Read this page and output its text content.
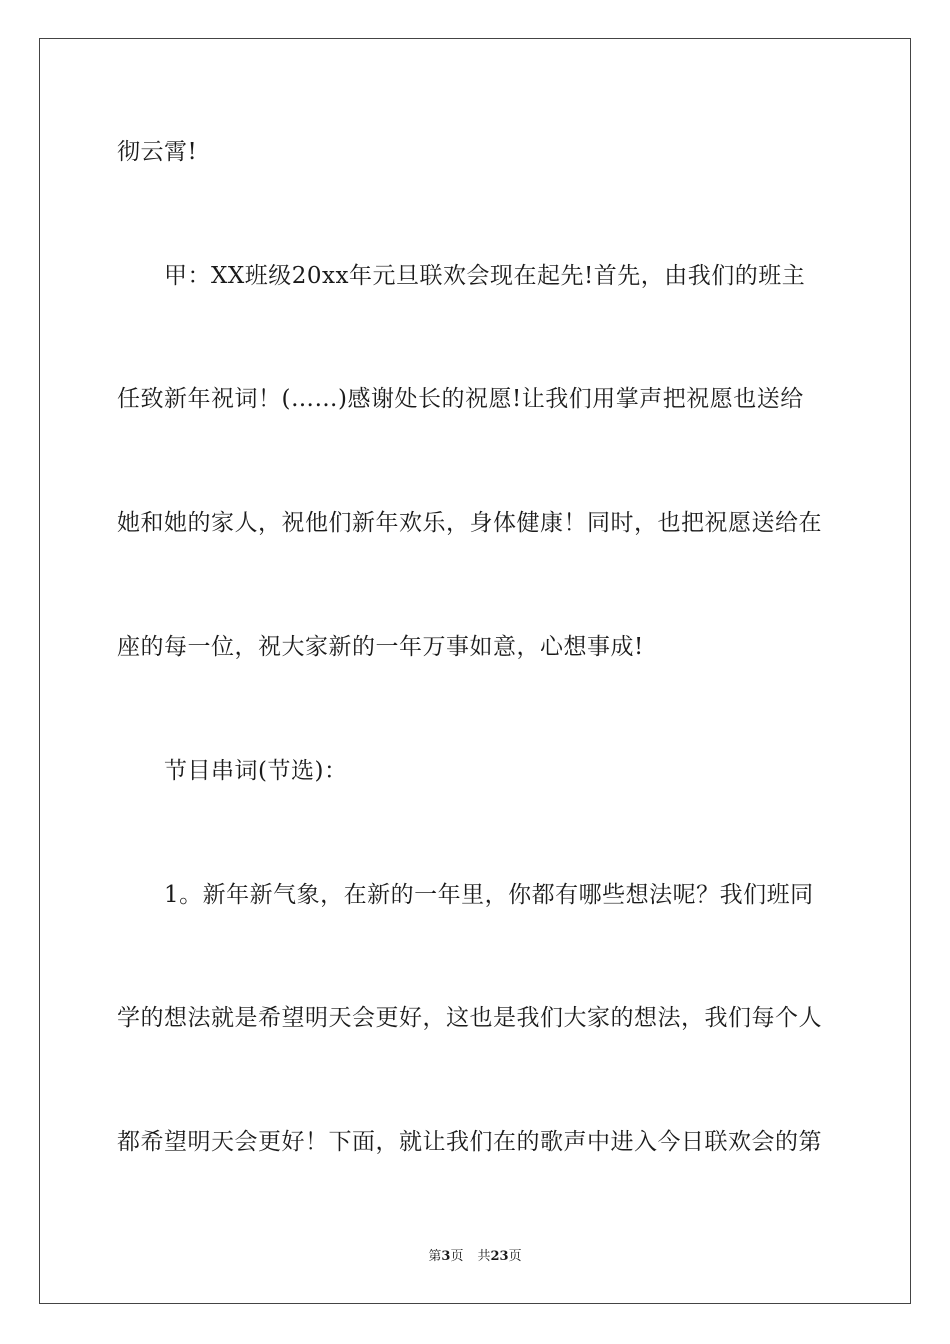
彻云霄!
甲：XX班级20xx年元旦联欢会现在起先!首先，由我们的班主
任致新年祝词！(……)感谢处长的祝愿!让我们用掌声把祝愿也送给
她和她的家人，祝他们新年欢乐，身体健康！同时，也把祝愿送给在
座的每一位，祝大家新的一年万事如意，心想事成!
节目串词(节选)：
1。新年新气象，在新的一年里，你都有哪些想法呢？我们班同
学的想法就是希望明天会更好，这也是我们大家的想法，我们每个人
都希望明天会更好！下面，就让我们在的歌声中进入今日联欢会的第
第3页 共23页
